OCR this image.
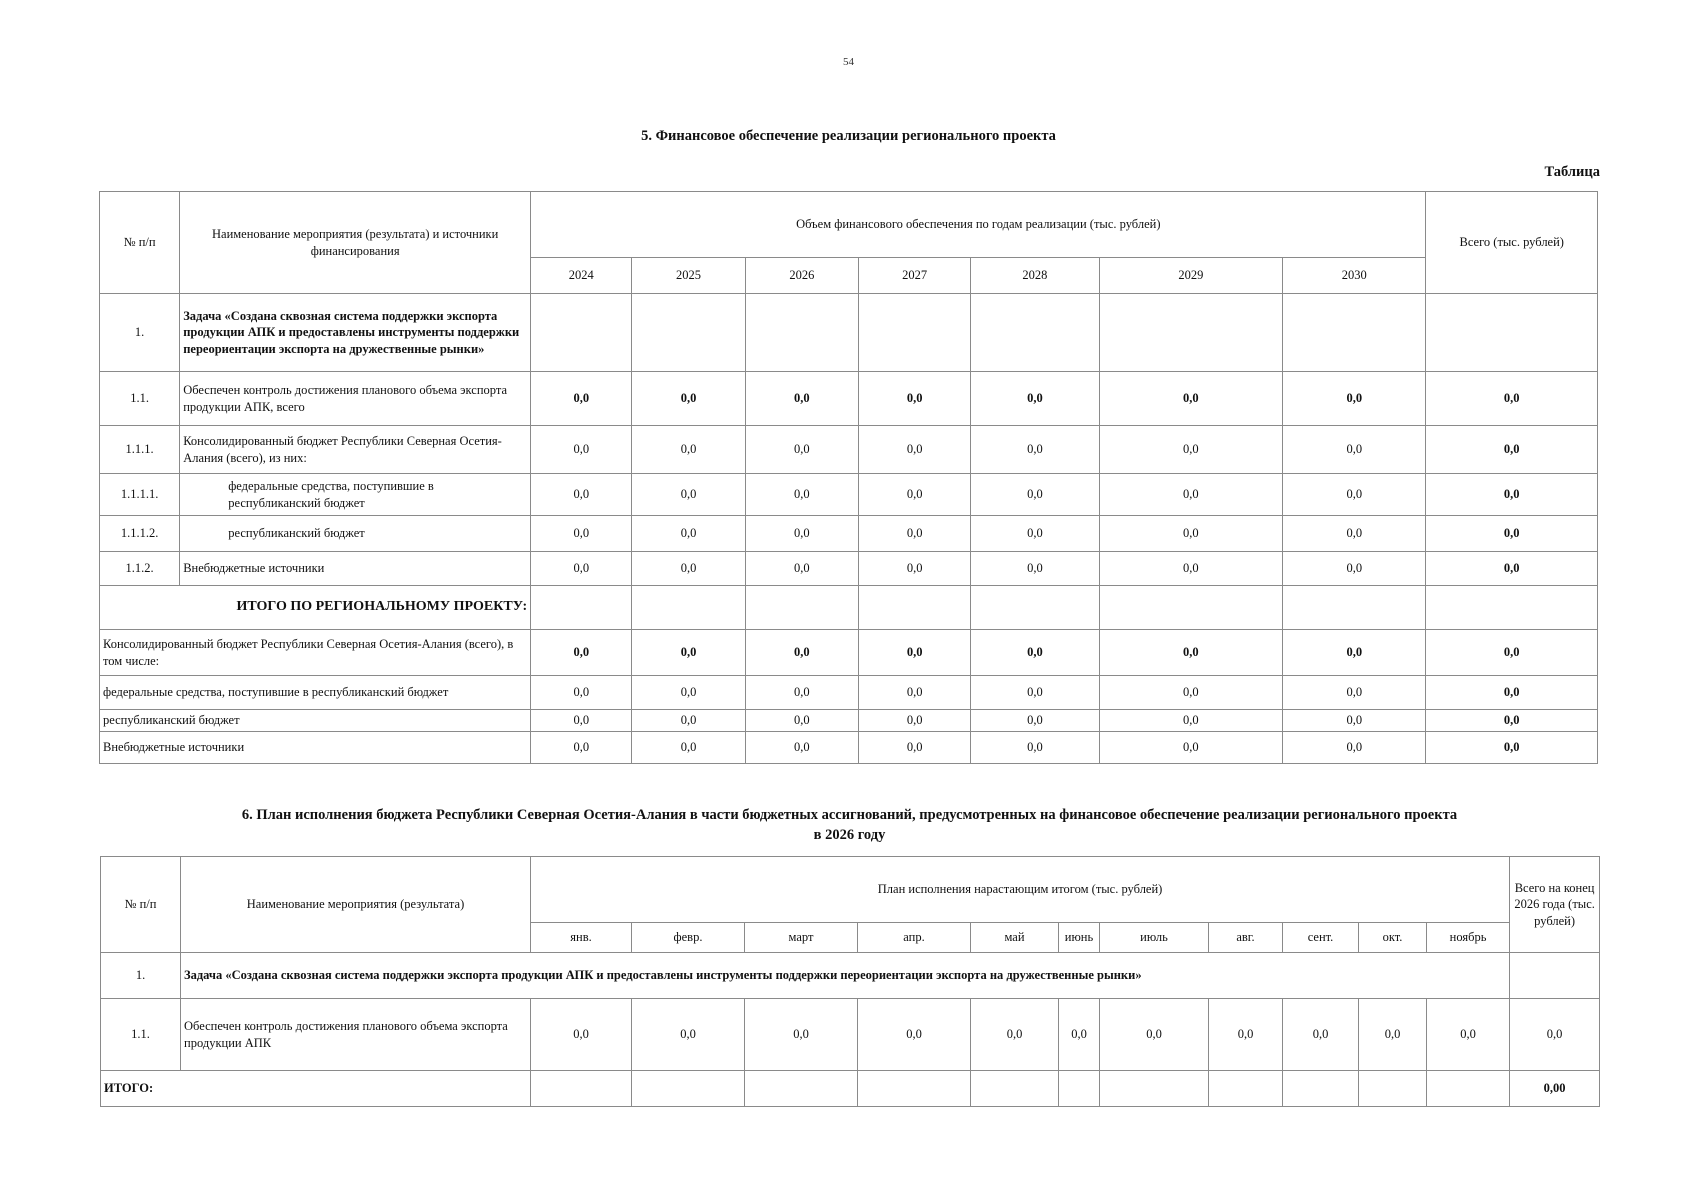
54
5. Финансовое обеспечение реализации регионального проекта
Таблица
№ п/п	Наименование мероприятия (результата) и источники финансирования	Объем финансового обеспечения по годам реализации (тыс. рублей)							Всего (тыс. рублей)
		2024	2025	2026	2027	2028	2029	2030	
1.	Задача «Создана сквозная система поддержки экспорта продукции АПК и предоставлены инструменты поддержки переориентации экспорта на дружественные рынки»								
1.1.	Обеспечен контроль достижения планового объема экспорта продукции АПК, всего	0,0	0,0	0,0	0,0	0,0	0,0	0,0	0,0
1.1.1.	Консолидированный бюджет Республики Северная Осетия-Алания (всего), из них:	0,0	0,0	0,0	0,0	0,0	0,0	0,0	0,0
1.1.1.1.	федеральные средства, поступившие в республиканский бюджет	0,0	0,0	0,0	0,0	0,0	0,0	0,0	0,0
1.1.1.2.	республиканский бюджет	0,0	0,0	0,0	0,0	0,0	0,0	0,0	0,0
1.1.2.	Внебюджетные источники	0,0	0,0	0,0	0,0	0,0	0,0	0,0	0,0
ИТОГО ПО РЕГИОНАЛЬНОМУ ПРОЕКТУ:									
Консолидированный бюджет Республики Северная Осетия-Алания (всего), в том числе:		0,0	0,0	0,0	0,0	0,0	0,0	0,0	0,0
федеральные средства, поступившие в республиканский бюджет		0,0	0,0	0,0	0,0	0,0	0,0	0,0	0,0
республиканский бюджет		0,0	0,0	0,0	0,0	0,0	0,0	0,0	0,0
Внебюджетные источники		0,0	0,0	0,0	0,0	0,0	0,0	0,0	0,0
6. План исполнения бюджета Республики Северная Осетия-Алания в части бюджетных ассигнований, предусмотренных на финансовое обеспечение реализации регионального проекта
в 2026 году
№ п/п	Наименование мероприятия (результата)	План исполнения нарастающим итогом (тыс. рублей)											Всего на конец 2026 года (тыс. рублей)
		янв.	февр.	март	апр.	май	июнь	июль	авг.	сент.	окт.	ноябрь	
1.	Задача «Создана сквозная система поддержки экспорта продукции АПК и предоставлены инструменты поддержки переориентации экспорта на дружественные рынки»												
1.1.	Обеспечен контроль достижения планового объема экспорта продукции АПК	0,0	0,0	0,0	0,0	0,0	0,0	0,0	0,0	0,0	0,0	0,0	0,0
ИТОГО:													0,00
